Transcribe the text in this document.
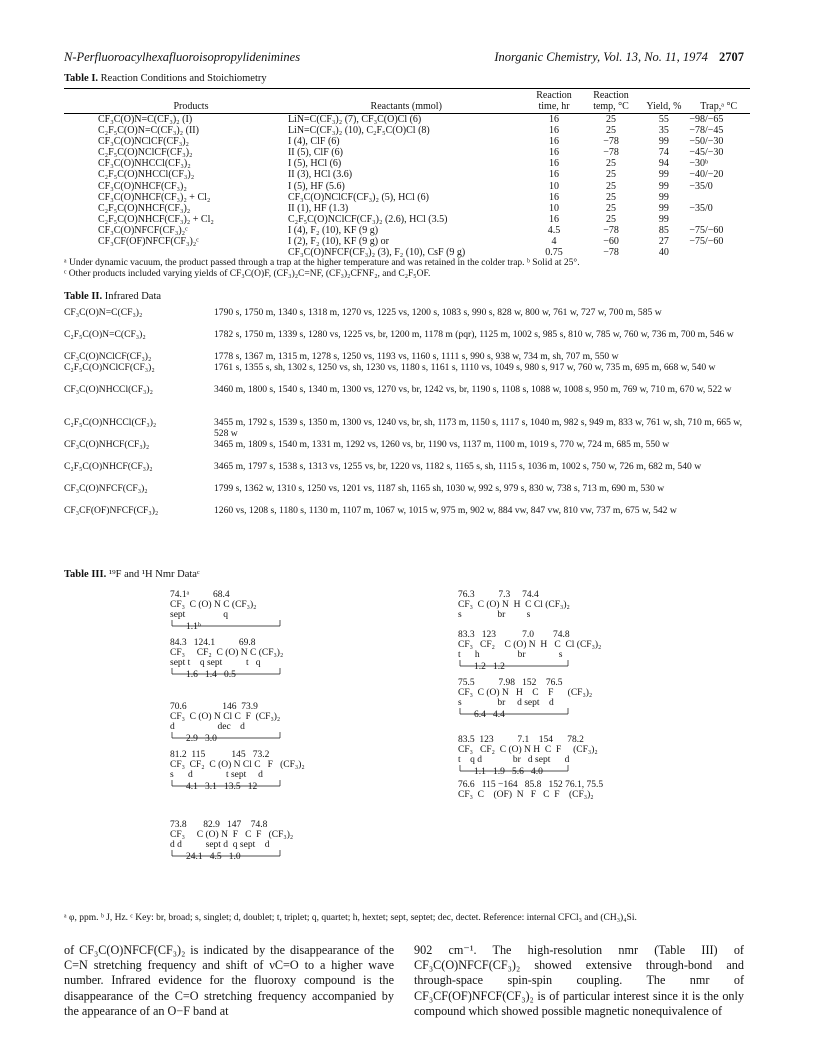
N-Perfluoroacylhexafluoroisopropylidenimines	Inorganic Chemistry, Vol. 13, No. 11, 1974 2707
Table I. Reaction Conditions and Stoichiometry
Products	Reactants (mmol)	Reaction time, hr	Reaction temp, °C	Yield, %	Trap,ᵃ °C
CF₃C(O)N=C(CF₃)₂ (I)	LiN=C(CF₃)₂ (7), CF₃C(O)Cl (6)	16	25	55	−98/−65
C₂F₅C(O)N=C(CF₃)₂ (II)	LiN=C(CF₃)₂ (10), C₂F₅C(O)Cl (8)	16	25	35	−78/−45
CF₃C(O)NClCF(CF₃)₂	I (4), ClF (6)	16	−78	99	−50/−30
C₂F₅C(O)NClCF(CF₃)₂	II (5), ClF (6)	16	−78	74	−45/−30
CF₃C(O)NHCCl(CF₃)₂	I (5), HCl (6)	16	25	94	−30ᵇ
C₂F₅C(O)NHCCl(CF₃)₂	II (3), HCl (3.6)	16	25	99	−40/−20
CF₃C(O)NHCF(CF₃)₂	I (5), HF (5.6)	10	25	99	−35/0
CF₃C(O)NHCF(CF₃)₂ + Cl₂	CF₃C(O)NClCF(CF₃)₂ (5), HCl (6)	16	25	99	
C₂F₅C(O)NHCF(CF₃)₂	II (1), HF (1.3)	10	25	99	−35/0
C₂F₅C(O)NHCF(CF₃)₂ + Cl₂	C₂F₅C(O)NClCF(CF₃)₂ (2.6), HCl (3.5)	16	25	99	
CF₃C(O)NFCF(CF₃)₂ᶜ	I (4), F₂ (10), KF (9 g)	4.5	−78	85	−75/−60
CF₃CF(OF)NFCF(CF₃)₂ᶜ	I (2), F₂ (10), KF (9 g) or	4	−60	27	−75/−60
	CF₃C(O)NFCF(CF₃)₂ (3), F₂ (10), CsF (9 g)	0.75	−78	40	
ᵃ Under dynamic vacuum, the product passed through a trap at the higher temperature and was retained in the colder trap. ᵇ Solid at 25°.
ᶜ Other products included varying yields of CF₃C(O)F, (CF₃)₂C=NF, (CF₃)₂CFNF₂, and C₂F₅OF.
Table II. Infrared Data
CF₃C(O)N=C(CF₃)₂	1790 s, 1750 m, 1340 s, 1318 m, 1270 vs, 1225 vs, 1200 s, 1083 s, 990 s, 828 w, 800 w, 761 w, 727 w, 700 m, 585 w
C₂F₅C(O)N=C(CF₃)₂	1782 s, 1750 m, 1339 s, 1280 vs, 1225 vs, br, 1200 m, 1178 m (pqr), 1125 m, 1002 s, 985 s, 810 w, 785 w, 760 w, 736 m, 700 m, 546 w
CF₃C(O)NClCF(CF₃)₂	1778 s, 1367 m, 1315 m, 1278 s, 1250 vs, 1193 vs, 1160 s, 1111 s, 990 s, 938 w, 734 m, sh, 707 m, 550 w
C₂F₅C(O)NClCF(CF₃)₂	1761 s, 1355 s, sh, 1302 s, 1250 vs, sh, 1230 vs, 1180 s, 1161 s, 1110 vs, 1049 s, 980 s, 917 w, 760 w, 735 m, 695 m, 668 w, 540 w
CF₃C(O)NHCCl(CF₃)₂	3460 m, 1800 s, 1540 s, 1340 m, 1300 vs, 1270 vs, br, 1242 vs, br, 1190 s, 1108 s, 1088 w, 1008 s, 950 m, 769 w, 710 m, 670 w, 522 w
C₂F₅C(O)NHCCl(CF₃)₂	3455 m, 1792 s, 1539 s, 1350 m, 1300 vs, 1240 vs, br, sh, 1173 m, 1150 s, 1117 s, 1040 m, 982 s, 949 m, 833 w, 761 w, sh, 710 m, 665 w, 528 w
CF₃C(O)NHCF(CF₃)₂	3465 m, 1809 s, 1540 m, 1331 m, 1292 vs, 1260 vs, br, 1190 vs, 1137 m, 1100 m, 1019 s, 770 w, 724 m, 685 m, 550 w
C₂F₅C(O)NHCF(CF₃)₂	3465 m, 1797 s, 1538 s, 1313 vs, 1255 vs, br, 1220 vs, 1182 s, 1165 s, sh, 1115 s, 1036 m, 1002 s, 750 w, 726 m, 682 m, 540 w
CF₃C(O)NFCF(CF₃)₂	1799 s, 1362 w, 1310 s, 1250 vs, 1201 vs, 1187 sh, 1165 sh, 1030 w, 992 s, 979 s, 830 w, 738 s, 713 m, 690 m, 530 w
CF₃CF(OF)NFCF(CF₃)₂	1260 vs, 1208 s, 1180 s, 1130 m, 1107 m, 1067 w, 1015 w, 975 m, 902 w, 884 vw, 847 vw, 810 vw, 737 m, 675 w, 542 w
Table III. ¹⁹F and ¹H Nmr Dataᶜ
74.1ᵃ          68.4
CF₃  C (O) N C (CF₃)₂
sept                q
1.1ᵇ
84.3   124.1          69.8
CF₃     CF₂  C (O) N C (CF₃)₂
sept t    q sept          t   q
1.6   1.4   0.5
70.6               146  73.9
CF₃  C (O) N Cl C  F  (CF₃)₂
d                  dec    d
2.9   3.0
81.2  115           145   73.2
CF₃  CF₂  C (O) N Cl C   F   (CF₃)₂
s      d              t sept     d
4.1   3.1   13.5   12
73.8       82.9   147    74.8
CF₃     C (O) N  F   C  F   (CF₃)₂
d d          sept d  q sept    d
24.1   4.5   1.0
76.3          7.3     74.4
CF₃  C (O) N  H  C Cl (CF₃)₂
s               br         s
83.3   123           7.0        74.8
CF₃   CF₂    C (O) N  H   C  Cl (CF₃)₂
t      h                br              s
1.2   1.2
75.5          7.98   152    76.5
CF₃  C (O) N   H    C    F      (CF₃)₂
s               br     d sept    d
6.4   4.4
83.5  123          7.1    154      78.2
CF₃   CF₂  C (O) N H  C  F     (CF₃)₂
t    q d             br   d sept      d
1.1   1.9   5.6   4.0
76.6   115 −164   85.8   152 76.1, 75.5
CF₃  C    (OF)  N   F   C  F    (CF₃)₂
ᵃ φ, ppm. ᵇ J, Hz. ᶜ Key: br, broad; s, singlet; d, doublet; t, triplet; q, quartet; h, hextet; sept, septet; dec, dectet. Reference: internal CFCl₃ and (CH₃)₄Si.
of CF₃C(O)NFCF(CF₃)₂ is indicated by the disappearance of the C=N stretching frequency and shift of νC=O to a higher wave number. Infrared evidence for the fluoroxy compound is the disappearance of the C=O stretching frequency accompanied by the appearance of an O−F band at
902 cm⁻¹. The high-resolution nmr (Table III) of CF₃C(O)NFCF(CF₃)₂ showed extensive through-bond and through-space spin-spin coupling. The nmr of CF₃CF(OF)NFCF(CF₃)₂ is of particular interest since it is the only compound which showed possible magnetic nonequivalence of
